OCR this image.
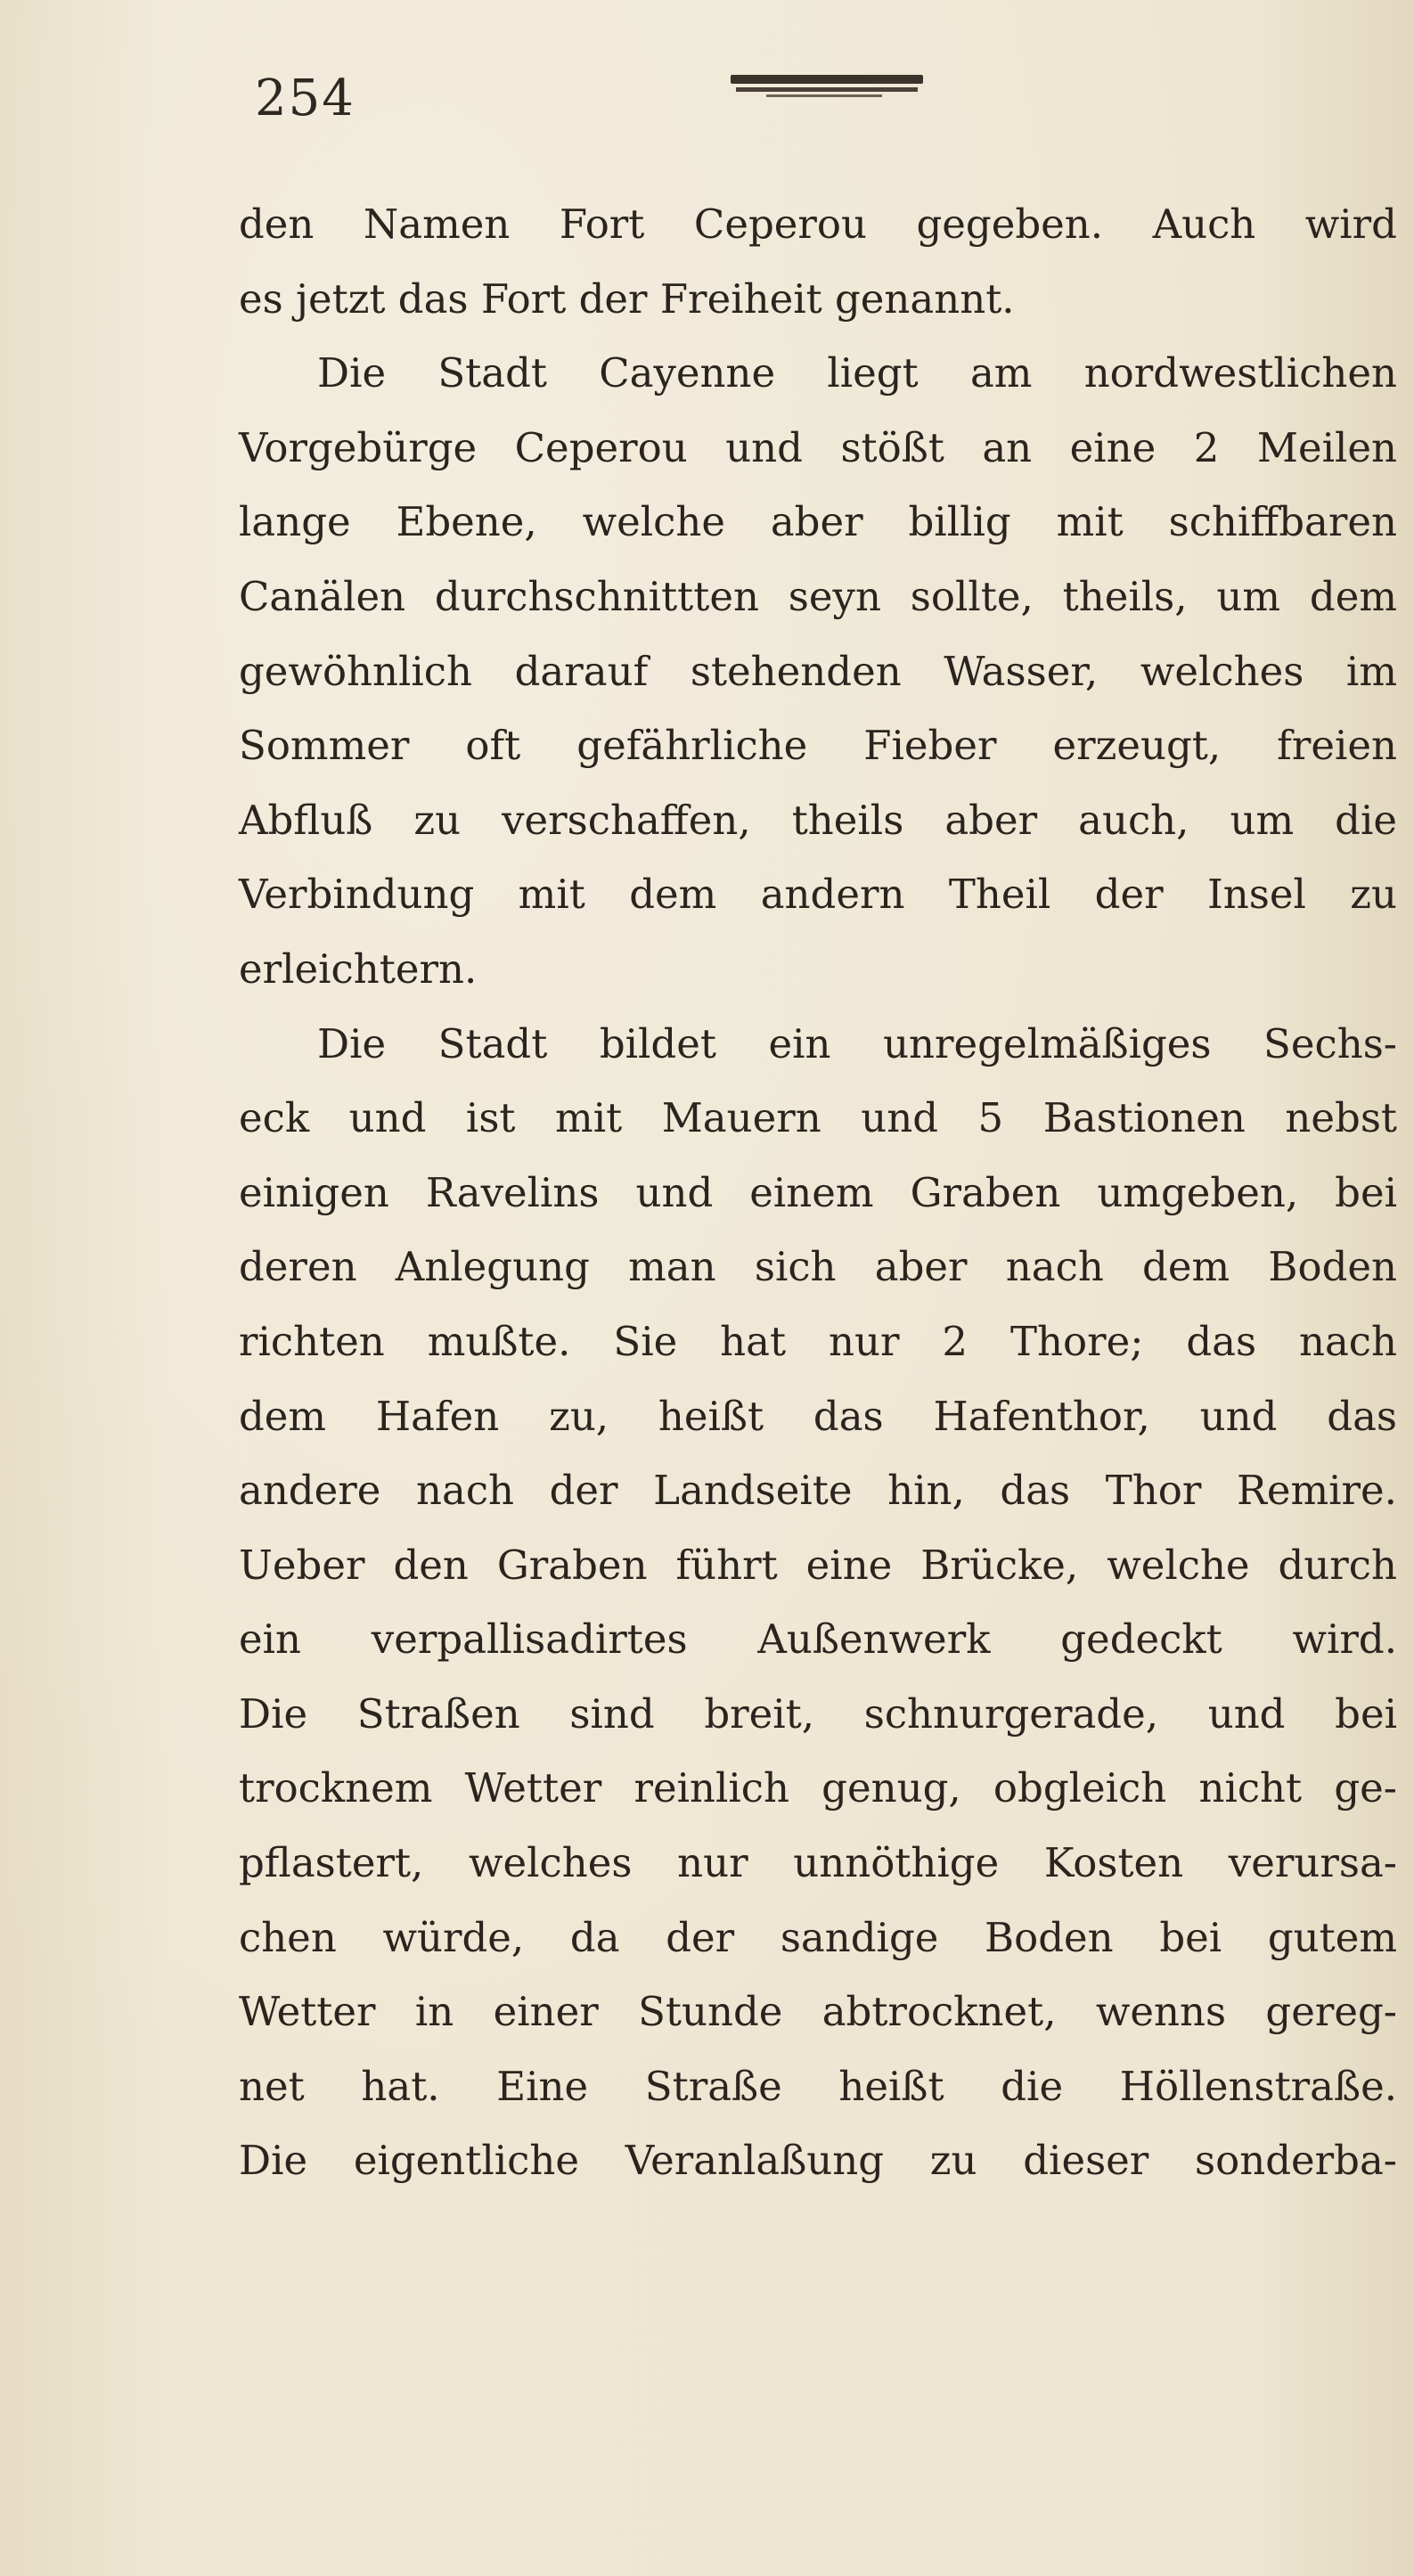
254
den Namen Fort Ceperou gegeben. Auch wird
es jetzt das Fort der Freiheit genannt.
Die Stadt Cayenne liegt am nordwestlichen
Vorgebürge Ceperou und stößt an eine 2 Meilen
lange Ebene, welche aber billig mit schiffbaren
Canälen durchschnittten seyn sollte, theils, um dem
gewöhnlich darauf stehenden Wasser, welches im
Sommer oft gefährliche Fieber erzeugt, freien
Abfluß zu verschaffen, theils aber auch, um die
Verbindung mit dem andern Theil der Insel zu
erleichtern.
Die Stadt bildet ein unregelmäßiges Sechs-
eck und ist mit Mauern und 5 Bastionen nebst
einigen Ravelins und einem Graben umgeben, bei
deren Anlegung man sich aber nach dem Boden
richten mußte. Sie hat nur 2 Thore; das nach
dem Hafen zu, heißt das Hafenthor, und das
andere nach der Landseite hin, das Thor Remire.
Ueber den Graben führt eine Brücke, welche durch
ein verpallisadirtes Außenwerk gedeckt wird.
Die Straßen sind breit, schnurgerade, und bei
trocknem Wetter reinlich genug, obgleich nicht ge-
pflastert, welches nur unnöthige Kosten verursa-
chen würde, da der sandige Boden bei gutem
Wetter in einer Stunde abtrocknet, wenns gereg-
net hat. Eine Straße heißt die Höllenstraße.
Die eigentliche Veranlaßung zu dieser sonderba-
